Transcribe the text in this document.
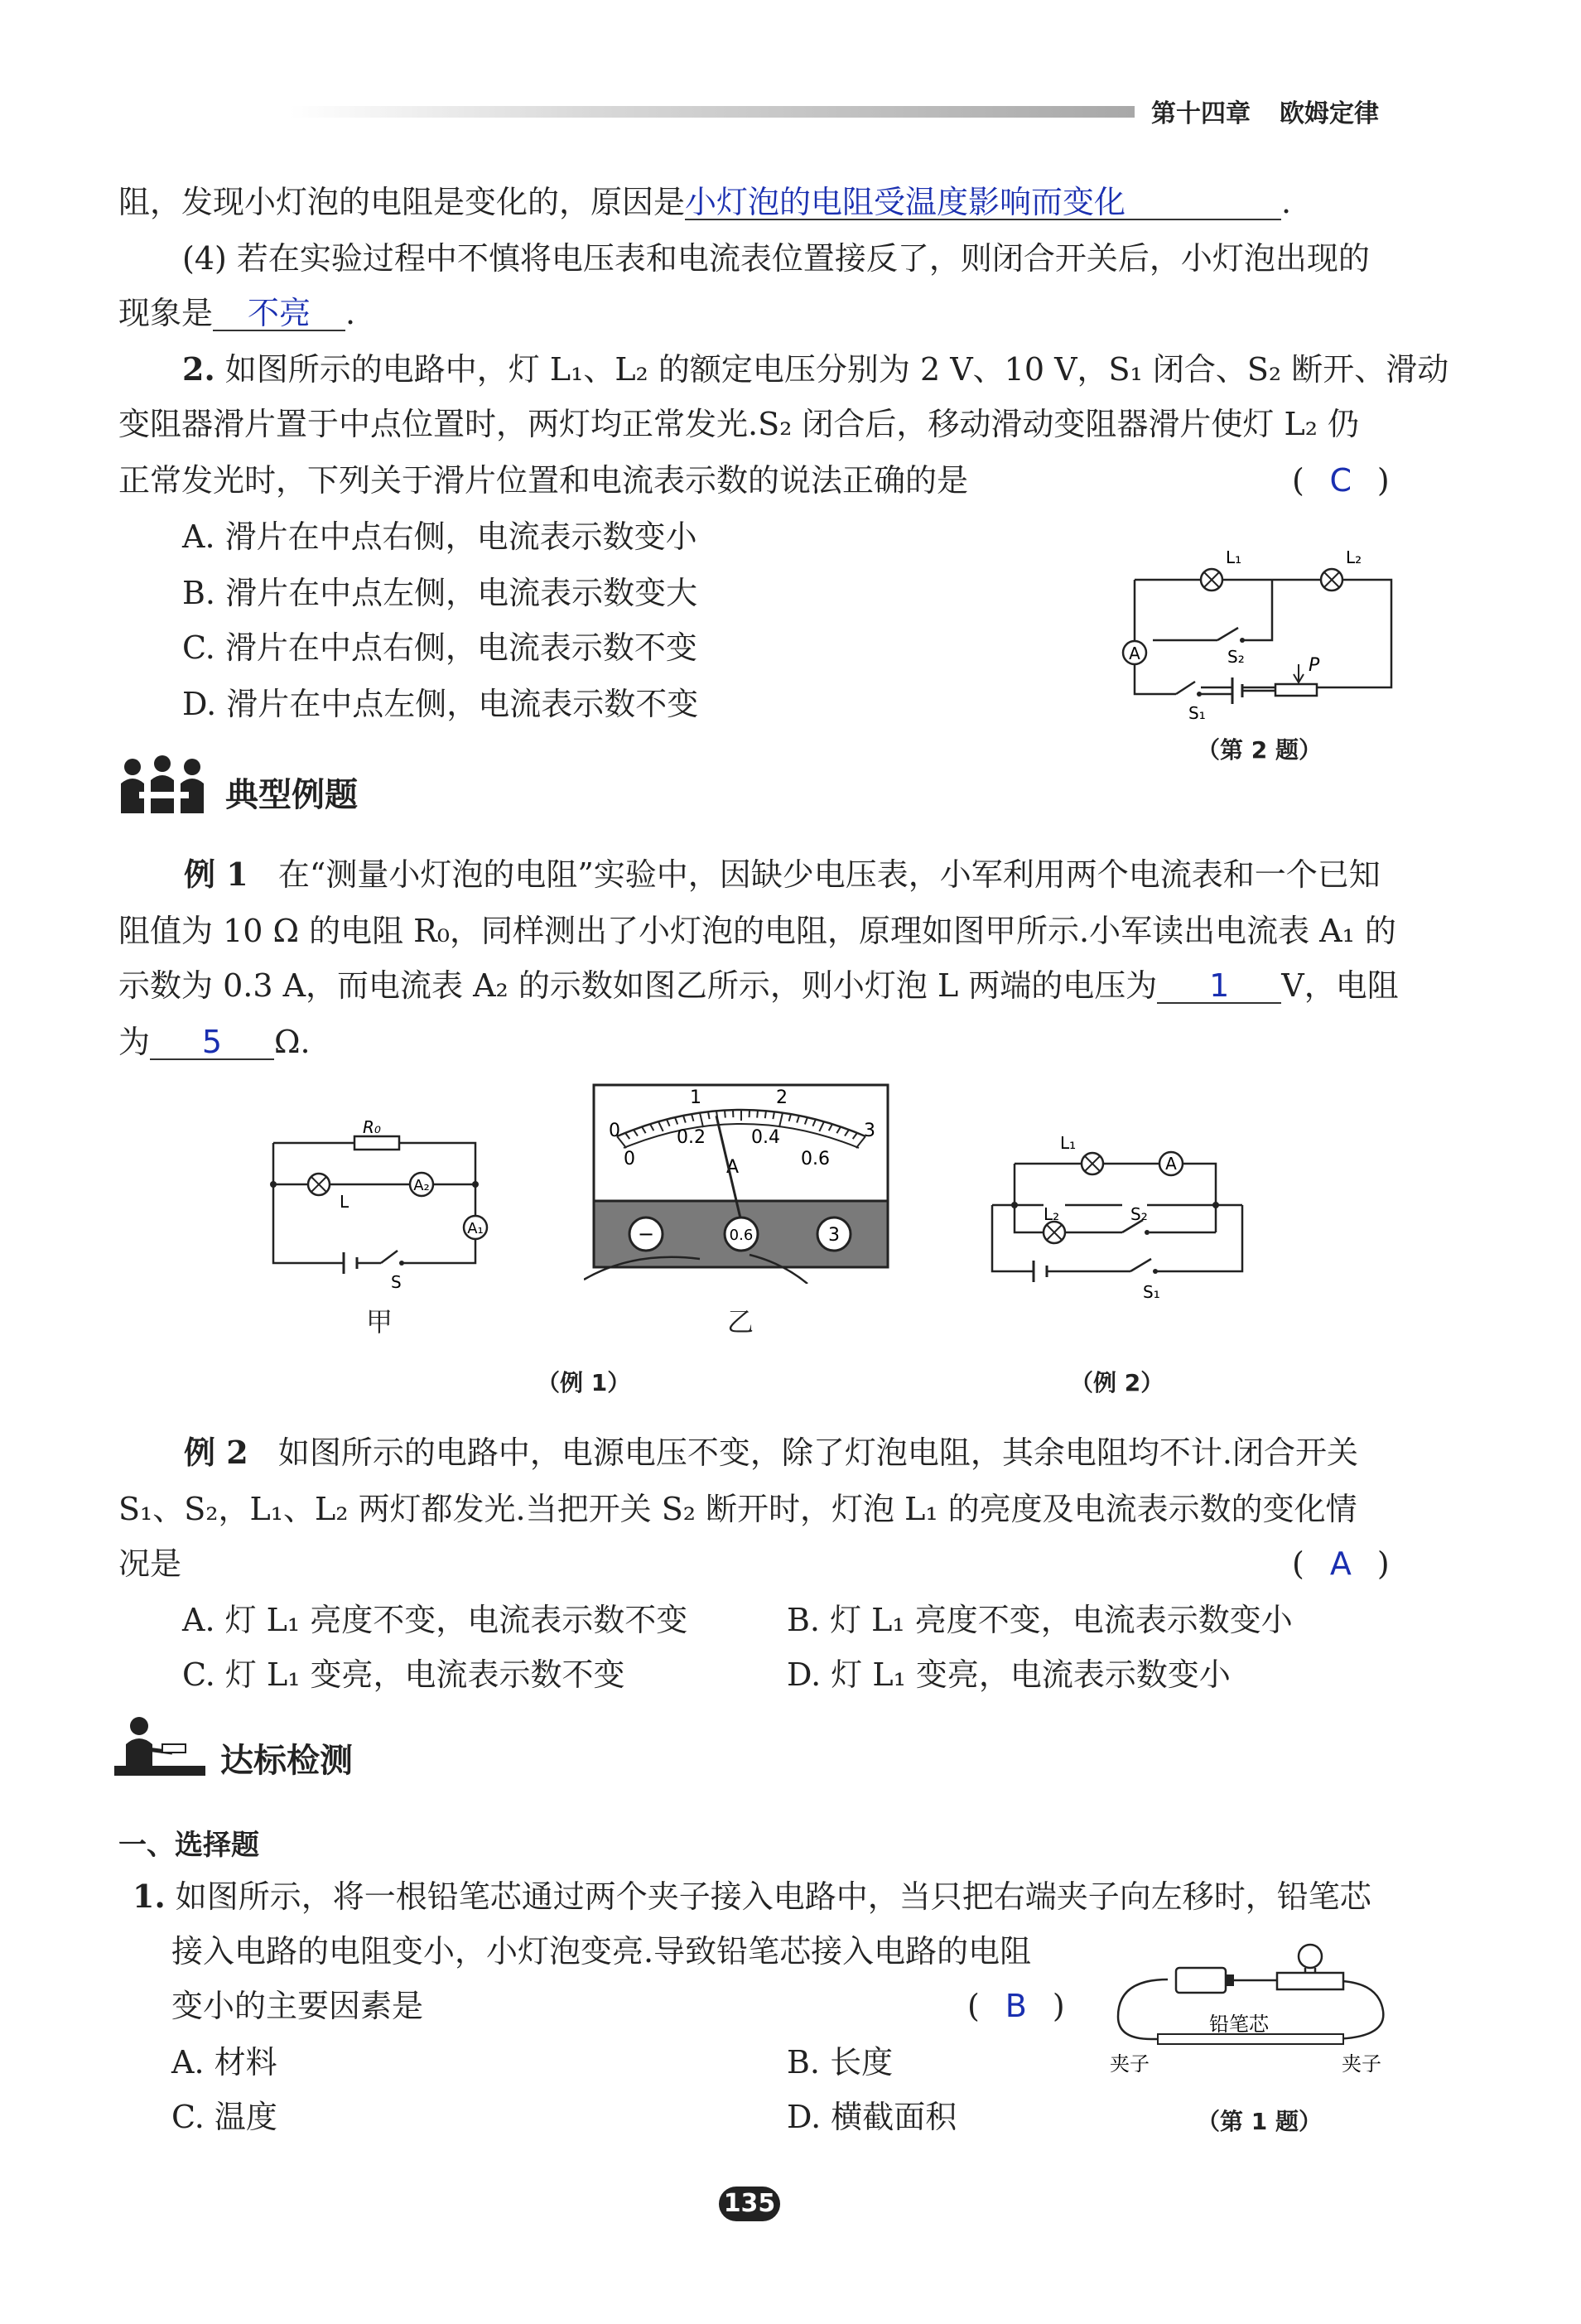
第十四章 欧姆定律
阻，发现小灯泡的电阻是变化的，原因是小灯泡的电阻受温度影响而变化	.
(4) 若在实验过程中不慎将电压表和电流表位置接反了，则闭合开关后，小灯泡出现的
现象是 不亮 .
2. 如图所示的电路中，灯 L₁、L₂ 的额定电压分别为 2 V、10 V，S₁ 闭合、S₂ 断开、滑动
变阻器滑片置于中点位置时，两灯均正常发光.S₂ 闭合后，移动滑动变阻器滑片使灯 L₂ 仍
正常发光时，下列关于滑片位置和电流表示数的说法正确的是	( C )
A. 滑片在中点右侧，电流表示数变小
B. 滑片在中点左侧，电流表示数变大
C. 滑片在中点右侧，电流表示数不变
D. 滑片在中点左侧，电流表示数不变
A
L₁	L₂
S₂
S₁
P
（第 2 题）
典型例题
例 1 在“测量小灯泡的电阻”实验中，因缺少电压表，小军利用两个电流表和一个已知
阻值为 10 Ω 的电阻 R₀，同样测出了小灯泡的电阻，原理如图甲所示.小军读出电流表 A₁ 的
示数为 0.3 A，而电流表 A₂ 的示数如图乙所示，则小灯泡 L 两端的电压为 1 V，电阻
为 5 Ω.
R₀
L
A₂
A₁
S
甲
0
1	2
3
0
0.2	0.4
0.6
A
−	0.6	3
乙
（例 1）
A
L₁
L₂	S₂
S₁
（例 2）
例 2 如图所示的电路中，电源电压不变，除了灯泡电阻，其余电阻均不计.闭合开关
S₁、S₂，L₁、L₂ 两灯都发光.当把开关 S₂ 断开时，灯泡 L₁ 的亮度及电流表示数的变化情
况是	( A )
A. 灯 L₁ 亮度不变，电流表示数不变	B. 灯 L₁ 亮度不变，电流表示数变小
C. 灯 L₁ 变亮，电流表示数不变	D. 灯 L₁ 变亮，电流表示数变小
达标检测
一、选择题
1. 如图所示，将一根铅笔芯通过两个夹子接入电路中，当只把右端夹子向左移时，铅笔芯
接入电路的电阻变小，小灯泡变亮.导致铅笔芯接入电路的电阻
变小的主要因素是	( B )
A. 材料	B. 长度
C. 温度	D. 横截面积
铅笔芯
夹子	夹子
（第 1 题）
135
